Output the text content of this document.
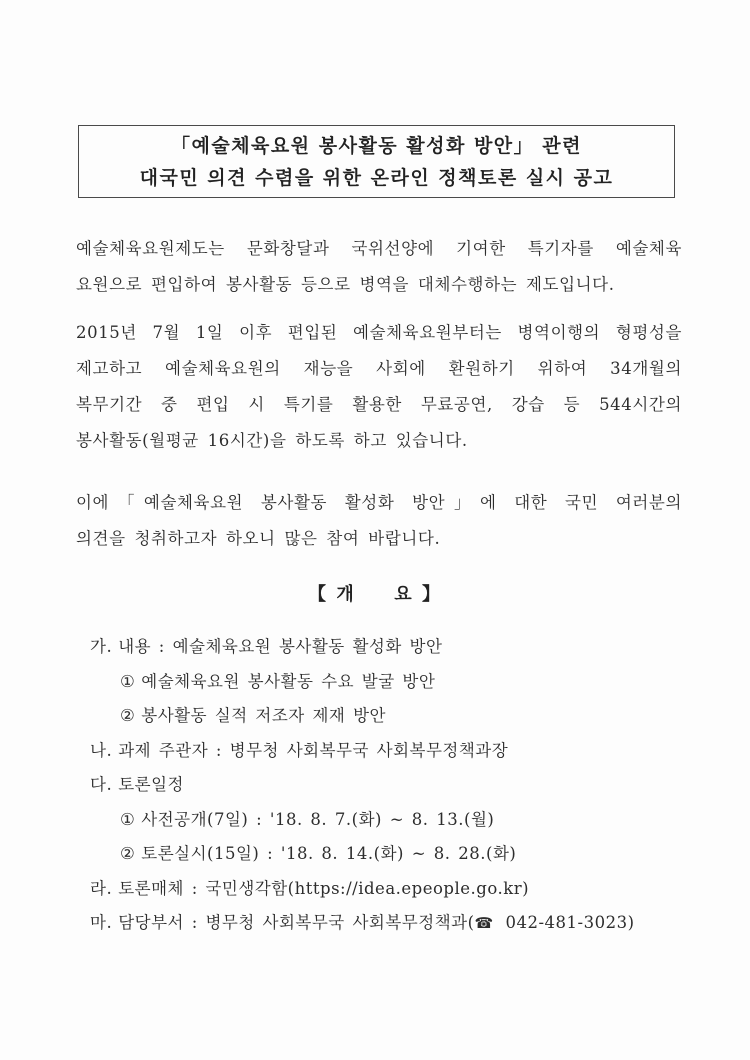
「예술체육요원 봉사활동 활성화 방안」 관련
대국민 의견 수렴을 위한 온라인 정책토론 실시 공고
예술체육요원제도는 문화창달과 국위선양에 기여한 특기자를 예술체육
요원으로 편입하여 봉사활동 등으로 병역을 대체수행하는 제도입니다.
2015년 7월 1일 이후 편입된 예술체육요원부터는 병역이행의 형평성을
제고하고 예술체육요원의 재능을 사회에 환원하기 위하여 34개월의
복무기간 중 편입 시 특기를 활용한 무료공연, 강습 등 544시간의
봉사활동(월평균 16시간)을 하도록 하고 있습니다.
이에「예술체육요원 봉사활동 활성화 방안」에 대한 국민 여러분의
의견을 청취하고자 하오니 많은 참여 바랍니다.
【 개 요 】
가. 내용 : 예술체육요원 봉사활동 활성화 방안
① 예술체육요원 봉사활동 수요 발굴 방안
② 봉사활동 실적 저조자 제재 방안
나. 과제 주관자 : 병무청 사회복무국 사회복무정책과장
다. 토론일정
① 사전공개(7일) : '18. 8. 7.(화) ~ 8. 13.(월)
② 토론실시(15일) : '18. 8. 14.(화) ~ 8. 28.(화)
라. 토론매체 : 국민생각함(https://idea.epeople.go.kr)
마. 담당부서 : 병무청 사회복무국 사회복무정책과(☎ 042-481-3023)
